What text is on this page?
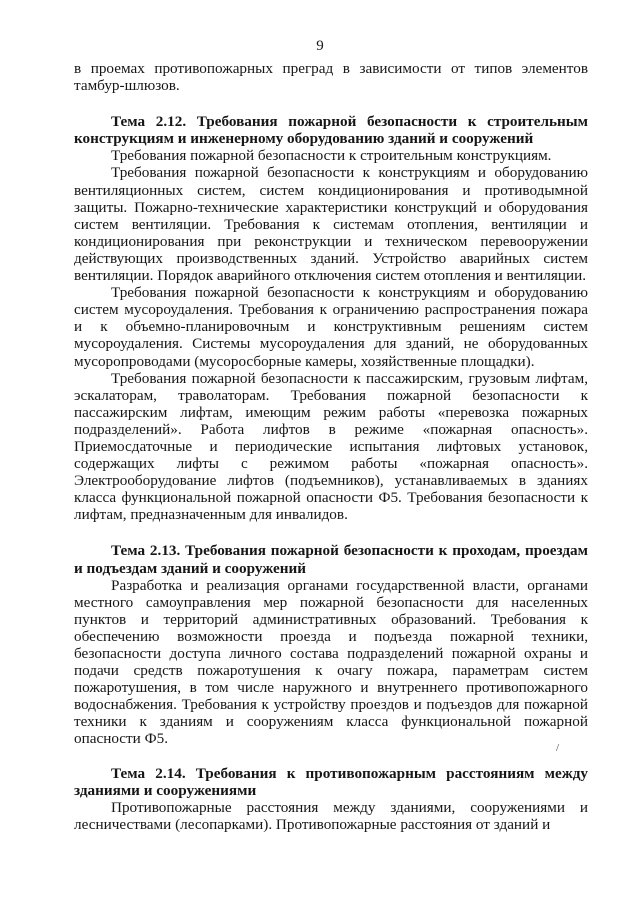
9

в проемах противопожарных преград в зависимости от типов элементов тамбур-шлюзов.

Тема 2.12. Требования пожарной безопасности к строительным конструкциям и инженерному оборудованию зданий и сооружений

Требования пожарной безопасности к строительным конструкциям.

Требования пожарной безопасности к конструкциям и оборудованию вентиляционных систем, систем кондиционирования и противодымной защиты. Пожарно-технические характеристики конструкций и оборудования систем вентиляции. Требования к системам отопления, вентиляции и кондиционирования при реконструкции и техническом перевооружении действующих производственных зданий. Устройство аварийных систем вентиляции. Порядок аварийного отключения систем отопления и вентиляции.

Требования пожарной безопасности к конструкциям и оборудованию систем мусороудаления. Требования к ограничению распространения пожара и к объемно-планировочным и конструктивным решениям систем мусороудаления. Системы мусороудаления для зданий, не оборудованных мусоропроводами (мусоросборные камеры, хозяйственные площадки).

Требования пожарной безопасности к пассажирским, грузовым лифтам, эскалаторам, траволаторам. Требования пожарной безопасности к пассажирским лифтам, имеющим режим работы «перевозка пожарных подразделений». Работа лифтов в режиме «пожарная опасность». Приемосдаточные и периодические испытания лифтовых установок, содержащих лифты с режимом работы «пожарная опасность». Электрооборудование лифтов (подъемников), устанавливаемых в зданиях класса функциональной пожарной опасности Ф5. Требования безопасности к лифтам, предназначенным для инвалидов.

Тема 2.13. Требования пожарной безопасности к проходам, проездам и подъездам зданий и сооружений

Разработка и реализация органами государственной власти, органами местного самоуправления мер пожарной безопасности для населенных пунктов и территорий административных образований. Требования к обеспечению возможности проезда и подъезда пожарной техники, безопасности доступа личного состава подразделений пожарной охраны и подачи средств пожаротушения к очагу пожара, параметрам систем пожаротушения, в том числе наружного и внутреннего противопожарного водоснабжения. Требования к устройству проездов и подъездов для пожарной техники к зданиям и сооружениям класса функциональной пожарной опасности Ф5.

Тема 2.14. Требования к противопожарным расстояниям между зданиями и сооружениями

Противопожарные расстояния между зданиями, сооружениями и лесничествами (лесопарками). Противопожарные расстояния от зданий и

/
